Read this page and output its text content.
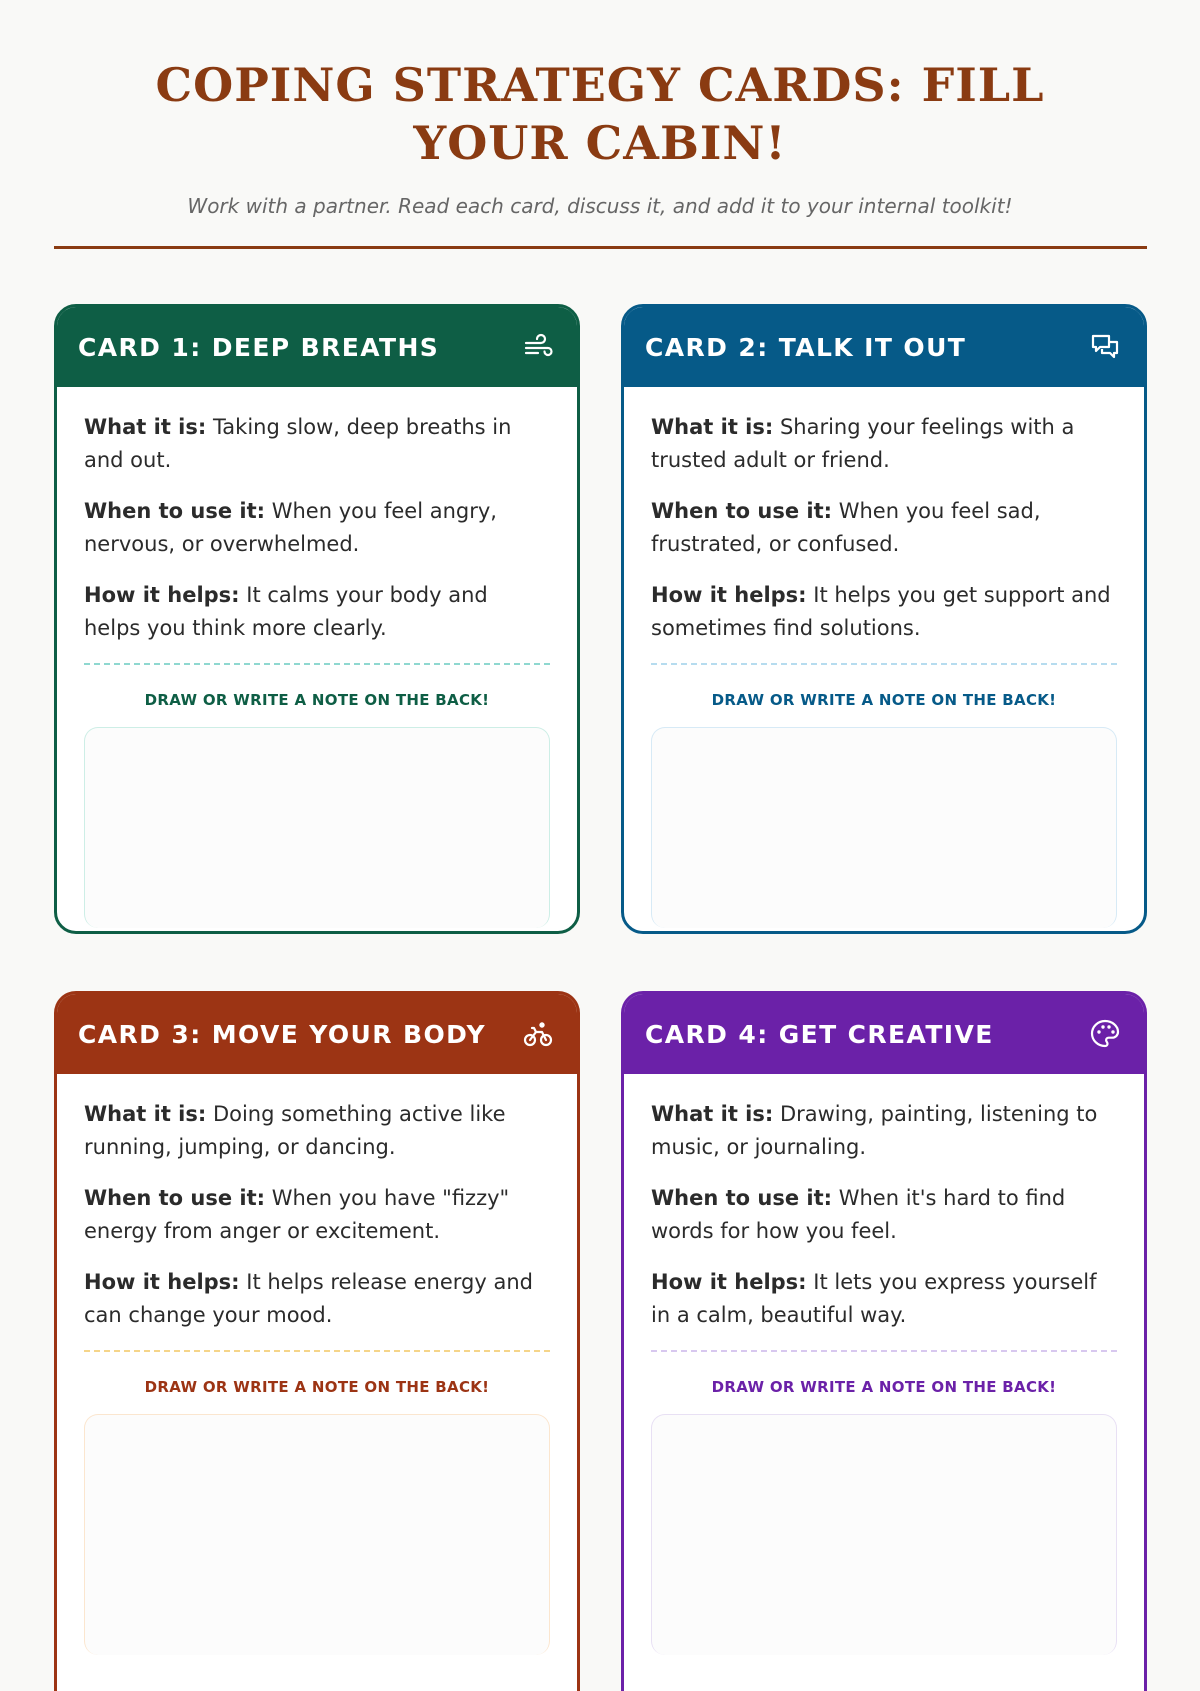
COPING STRATEGY CARDS: FILL YOUR CABIN!
Work with a partner. Read each card, discuss it, and add it to your internal toolkit!
CARD 1: DEEP BREATHS

What it is: Taking slow, deep breaths in and out.

When to use it: When you feel angry, nervous, or overwhelmed.

How it helps: It calms your body and helps you think more clearly.

DRAW OR WRITE A NOTE ON THE BACK!
CARD 2: TALK IT OUT

What it is: Sharing your feelings with a trusted adult or friend.

When to use it: When you feel sad, frustrated, or confused.

How it helps: It helps you get support and sometimes find solutions.

DRAW OR WRITE A NOTE ON THE BACK!
CARD 3: MOVE YOUR BODY

What it is: Doing something active like running, jumping, or dancing.

When to use it: When you have "fizzy" energy from anger or excitement.

How it helps: It helps release energy and can change your mood.

DRAW OR WRITE A NOTE ON THE BACK!
CARD 4: GET CREATIVE

What it is: Drawing, painting, listening to music, or journaling.

When to use it: When it's hard to find words for how you feel.

How it helps: It lets you express yourself in a calm, beautiful way.

DRAW OR WRITE A NOTE ON THE BACK!
